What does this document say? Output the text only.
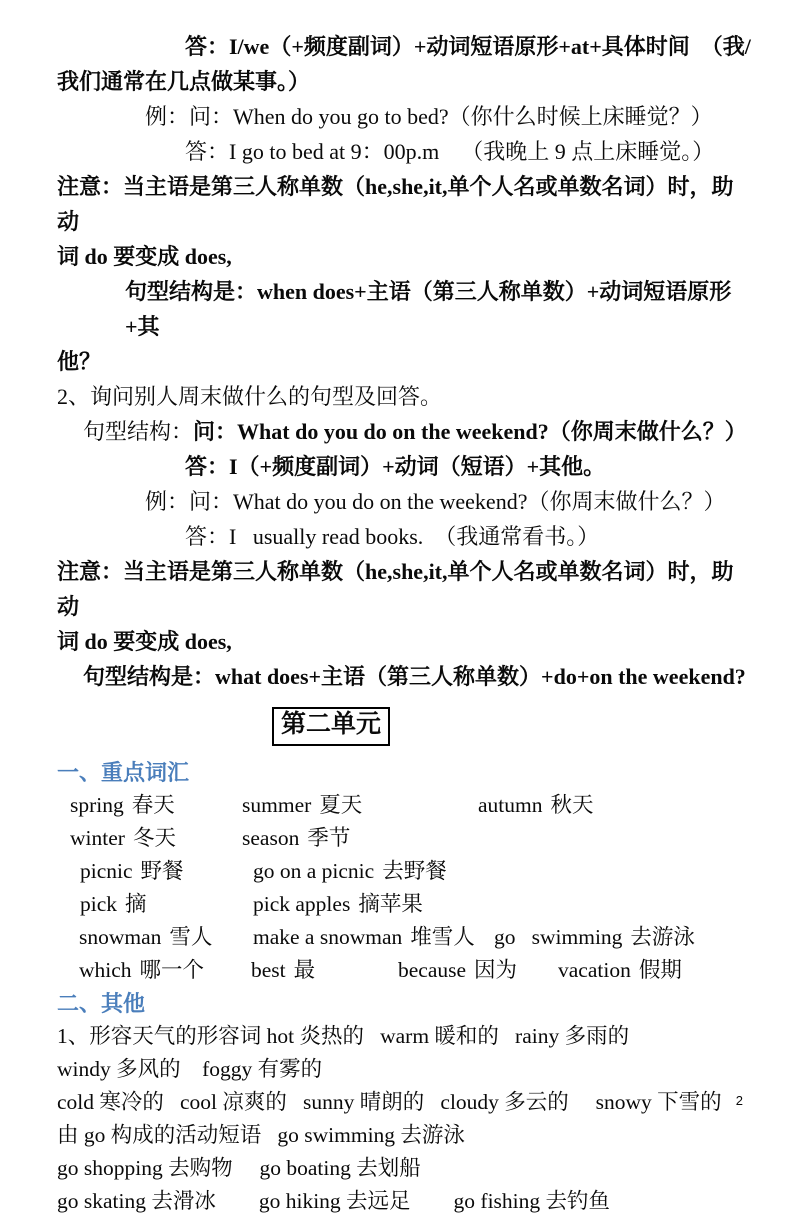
答：I/we（+频度副词）+动词短语原形+at+具体时间  （我/

我们通常在几点做某事。）

例：问：When do you go to bed?（你什么时候上床睡觉？）

答：I go to bed at 9：00p.m    （我晚上 9 点上床睡觉。）

注意：当主语是第三人称单数（he,she,it,单个人名或单数名词）时，助动

词 do 要变成 does,

句型结构是：when does+主语（第三人称单数）+动词短语原形+其

他？

2、询问别人周末做什么的句型及回答。

句型结构：问：What do you do on the weekend?（你周末做什么？）

答：I（+频度副词）+动词（短语）+其他。

例：问：What do you do on the weekend?（你周末做什么？）

答：I   usually read books.  （我通常看书。）

注意：当主语是第三人称单数（he,she,it,单个人名或单数名词）时，助动

词 do 要变成 does,

句型结构是：what does+主语（第三人称单数）+do+on the weekend?

第二单元

一、重点词汇

spring 春天	summer 夏天	autumn 秋天

winter 冬天	season 季节

picnic 野餐	go on a picnic 去野餐

pick 摘	pick apples 摘苹果

snowman 雪人 make a snowman 堆雪人 go   swimming 去游泳

which 哪一个 best 最	because 因为 vacation 假期

二、其他

1、形容天气的形容词 hot 炎热的   warm 暖和的   rainy 多雨的

windy 多风的    foggy 有雾的

cold 寒冷的   cool 凉爽的   sunny 晴朗的   cloudy 多云的     snowy 下雪的

由 go 构成的活动短语   go swimming 去游泳

go shopping 去购物     go boating 去划船

go skating 去滑冰        go hiking 去远足        go fishing 去钓鱼

2
